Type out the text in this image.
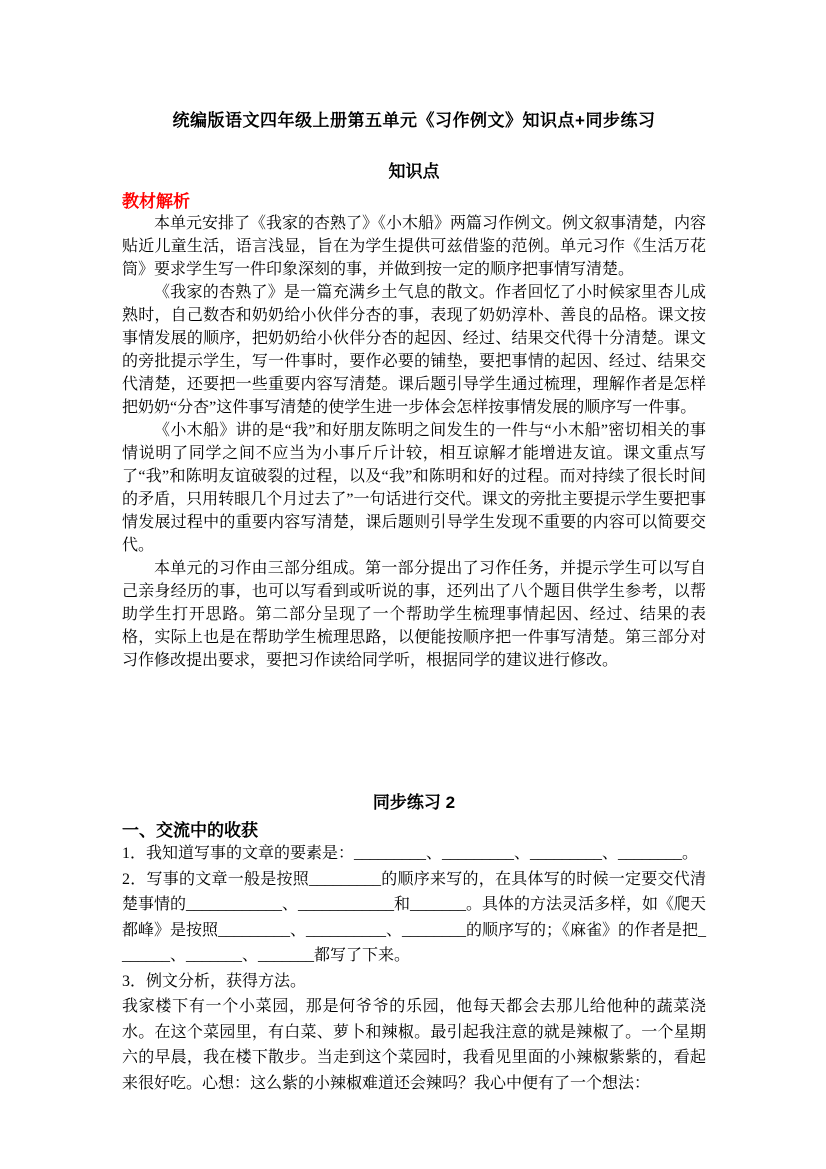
统编版语文四年级上册第五单元《习作例文》知识点+同步练习
知识点
教材解析

本单元安排了《我家的杏熟了》《小木船》两篇习作例文。例文叙事清楚，内容贴近儿童生活，语言浅显，旨在为学生提供可兹借鉴的范例。单元习作《生活万花筒》要求学生写一件印象深刻的事，并做到按一定的顺序把事情写清楚。

《我家的杏熟了》是一篇充满乡土气息的散文。作者回忆了小时候家里杏儿成熟时，自己数杏和奶奶给小伙伴分杏的事，表现了奶奶淳朴、善良的品格。课文按事情发展的顺序，把奶奶给小伙伴分杏的起因、经过、结果交代得十分清楚。课文的旁批提示学生，写一件事时，要作必要的铺垫，要把事情的起因、经过、结果交代清楚，还要把一些重要内容写清楚。课后题引导学生通过梳理，理解作者是怎样把奶奶“分杏”这件事写清楚的使学生进一步体会怎样按事情发展的顺序写一件事。

《小木船》讲的是“我”和好朋友陈明之间发生的一件与“小木船”密切相关的事情说明了同学之间不应当为小事斤斤计较，相互谅解才能增进友谊。课文重点写了“我”和陈明友谊破裂的过程，以及“我”和陈明和好的过程。而对持续了很长时间的矛盾，只用转眼几个月过去了”一句话进行交代。课文的旁批主要提示学生要把事情发展过程中的重要内容写清楚，课后题则引导学生发现不重要的内容可以简要交代。

本单元的习作由三部分组成。第一部分提出了习作任务，并提示学生可以写自己亲身经历的事，也可以写看到或听说的事，还列出了八个题目供学生参考，以帮助学生打开思路。第二部分呈现了一个帮助学生梳理事情起因、经过、结果的表格，实际上也是在帮助学生梳理思路，以便能按顺序把一件事写清楚。第三部分对习作修改提出要求，要把习作读给同学听，根据同学的建议进行修改。

同步练习 2
一、交流中的收获

1．我知道写事的文章的要素是：_________、_________、_________、________。

2．写事的文章一般是按照_________的顺序来写的，在具体写的时候一定要交代清楚事情的____________、____________和_______。具体的方法灵活多样，如《爬天都峰》是按照_________、__________、________的顺序写的；《麻雀》的作者是把_______、_______、_______都写了下来。

3．例文分析，获得方法。

我家楼下有一个小菜园，那是何爷爷的乐园，他每天都会去那儿给他种的蔬菜浇水。在这个菜园里，有白菜、萝卜和辣椒。最引起我注意的就是辣椒了。一个星期六的早晨，我在楼下散步。当走到这个菜园时，我看见里面的小辣椒紫紫的，看起来很好吃。心想：这么紫的小辣椒难道还会辣吗？我心中便有了一个想法：
